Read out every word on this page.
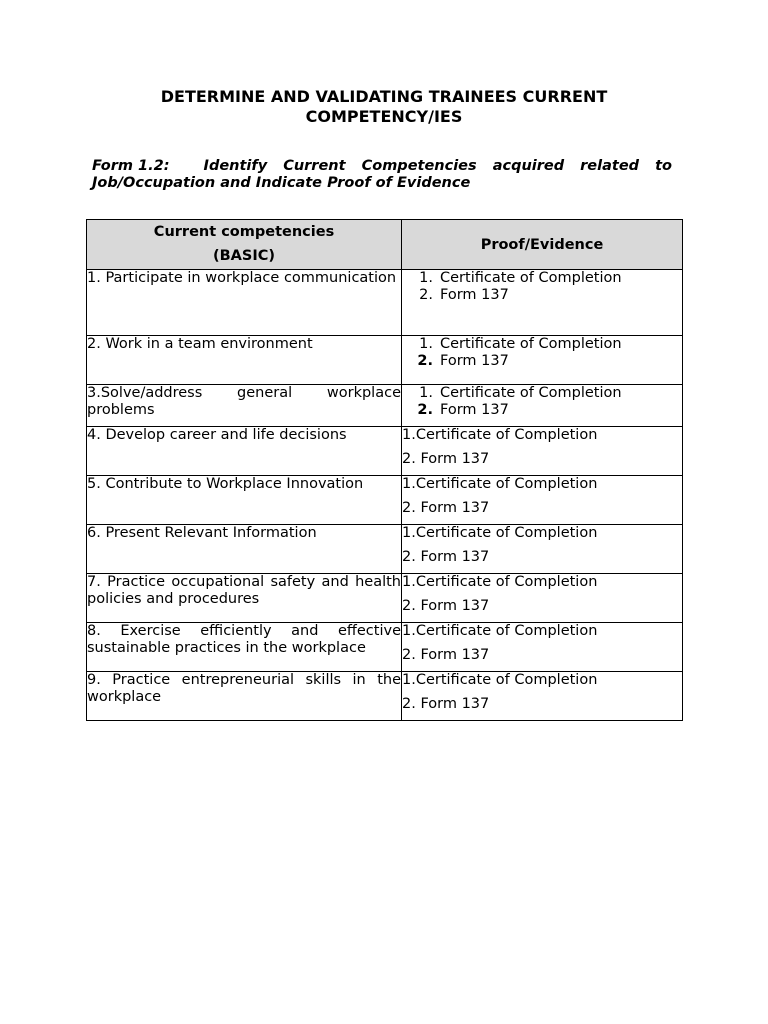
DETERMINE AND VALIDATING TRAINEES CURRENT
COMPETENCY/IES
Form 1.2: Identify Current Competencies acquired related to
Job/Occupation and Indicate Proof of Evidence
Current competencies
(BASIC)	Proof/Evidence

1. Participate in workplace communication	1. Certificate of Completion
2. Form 137

2. Work in a team environment	1. Certificate of Completion
2. Form 137

3.Solve/address general workplace problems	1. Certificate of Completion
2. Form 137

4. Develop career and life decisions	1.Certificate of Completion
2. Form 137

5. Contribute to Workplace Innovation	1.Certificate of Completion
2. Form 137

6. Present Relevant Information	1.Certificate of Completion
2. Form 137

7. Practice occupational safety and health policies and procedures	1.Certificate of Completion
2. Form 137

8. Exercise efficiently and effective sustainable practices in the workplace	1.Certificate of Completion
2. Form 137

9. Practice entrepreneurial skills in the workplace	1.Certificate of Completion
2. Form 137
